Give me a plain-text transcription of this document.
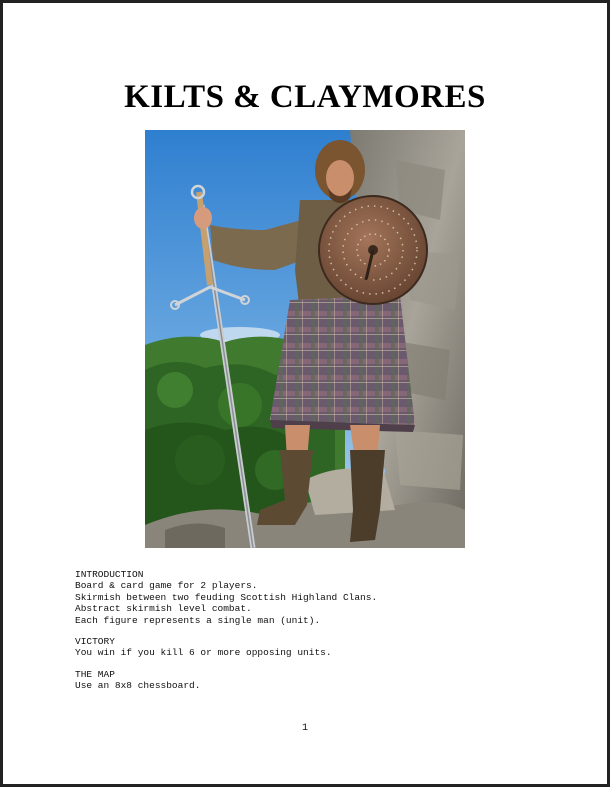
KILTS & CLAYMORES
INTRODUCTION
Board & card game for 2 players.
Skirmish between two feuding Scottish Highland Clans.
Abstract skirmish level combat.
Each figure represents a single man (unit).
VICTORY
You win if you kill 6 or more opposing units.
THE MAP
Use an 8x8 chessboard.
1
